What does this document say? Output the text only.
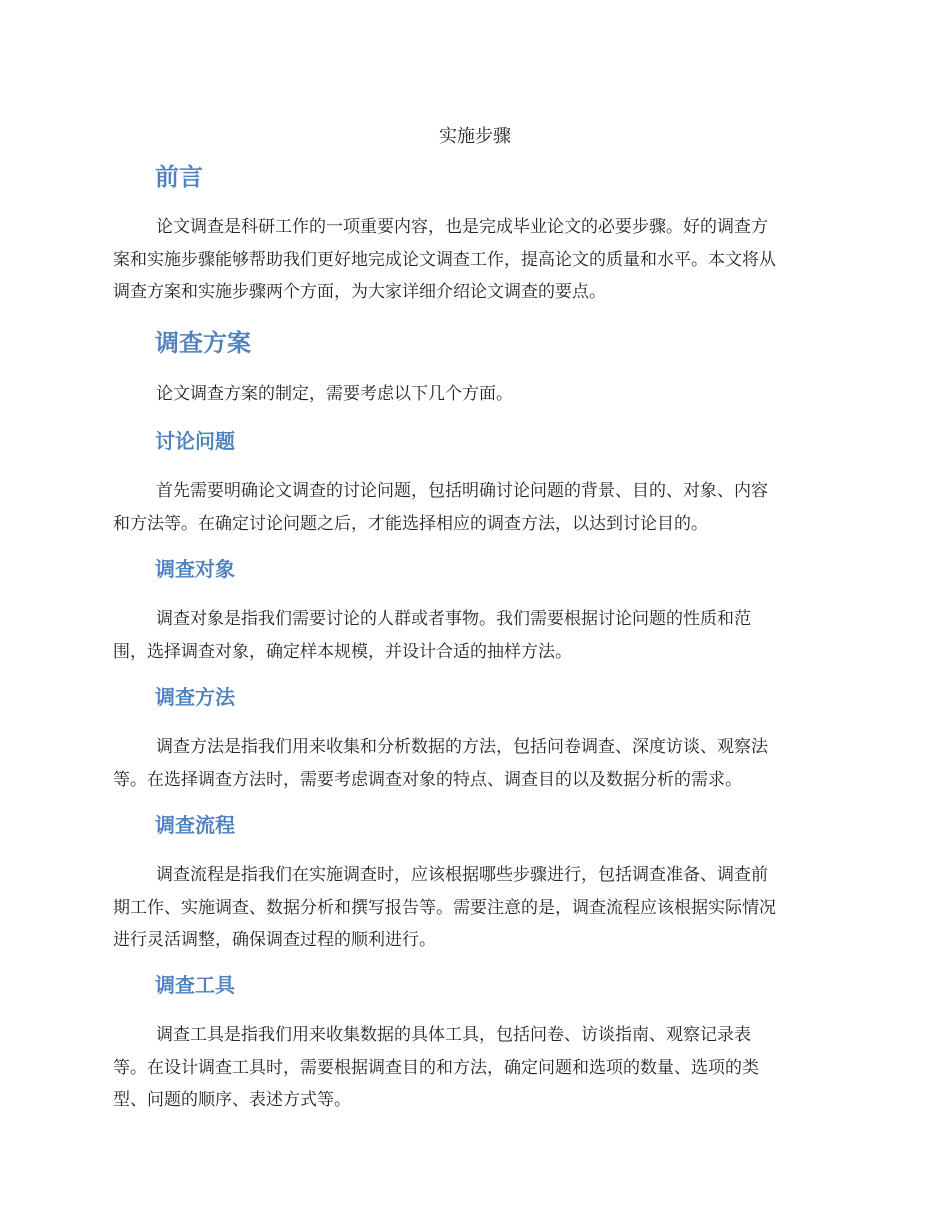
实施步骤
前言

论文调查是科研工作的一项重要内容，也是完成毕业论文的必要步骤。好的调查方
案和实施步骤能够帮助我们更好地完成论文调查工作，提高论文的质量和水平。本文将从
调查方案和实施步骤两个方面，为大家详细介绍论文调查的要点。

调查方案

论文调查方案的制定，需要考虑以下几个方面。

讨论问题

首先需要明确论文调查的讨论问题，包括明确讨论问题的背景、目的、对象、内容
和方法等。在确定讨论问题之后，才能选择相应的调查方法，以达到讨论目的。

调查对象

调查对象是指我们需要讨论的人群或者事物。我们需要根据讨论问题的性质和范
围，选择调查对象，确定样本规模，并设计合适的抽样方法。

调查方法

调查方法是指我们用来收集和分析数据的方法，包括问卷调查、深度访谈、观察法
等。在选择调查方法时，需要考虑调查对象的特点、调查目的以及数据分析的需求。

调查流程

调查流程是指我们在实施调查时，应该根据哪些步骤进行，包括调查准备、调查前
期工作、实施调查、数据分析和撰写报告等。需要注意的是，调查流程应该根据实际情况
进行灵活调整，确保调查过程的顺利进行。

调查工具

调查工具是指我们用来收集数据的具体工具，包括问卷、访谈指南、观察记录表
等。在设计调查工具时，需要根据调查目的和方法，确定问题和选项的数量、选项的类
型、问题的顺序、表述方式等。
